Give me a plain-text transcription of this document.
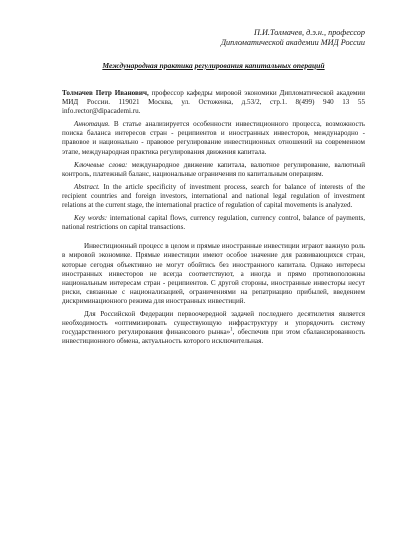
П.И.Толмачев, д.э.н., профессор

Дипломатической академии МИД России

Международная практика регулирования капитальных операций

Толмачев Петр Иванович, профессор кафедры мировой экономики Дипломатической академии МИД России. 119021 Москва, ул. Остоженка, д.53/2, стр.1. 8(499) 940 13 55 info.rector@dipacademi.ru.

Аннотация. В статье анализируется особенности инвестиционного процесса, возможность поиска баланса интересов стран - реципиентов и иностранных инвесторов, международно - правовое и национально - правовое регулирование инвестиционных отношений на современном этапе, международная практика регулирования движения капитала.

Ключевые слова: международное движение капитала, валютное регулирование, валютный контроль, платежный баланс, национальные ограничения по капитальным операциям.

Abstract. In the article specificity of investment process, search for balance of interests of the recipient countries and foreign investors, international and national legal regulation of investment relations at the current stage, the international practice of regulation of capital movements is analyzed.

Key words: international capital flows, currency regulation, currency control, balance of payments, national restrictions on capital transactions.

Инвестиционный процесс в целом и прямые иностранные инвестиции играют важную роль в мировой экономике. Прямые инвестиции имеют особое значение для развивающихся стран, которые сегодня объективно не могут обойтись без иностранного капитала. Однако интересы иностранных инвесторов не всегда соответствуют, а иногда и прямо противоположны национальным интересам стран - реципиентов. С другой стороны, иностранные инвесторы несут риски, связанные с национализацией, ограничениями на репатриацию прибылей, введением дискриминационного режима для иностранных инвестиций.

Для Российской Федерации первоочередной задачей последнего десятилетия является необходимость «оптимизировать существующую инфраструктуру и упорядочить систему государственного регулирования финансового рынка»$^1$, обеспечив при этом сбалансированность инвестиционного обмена, актуальность которого исключительная.
